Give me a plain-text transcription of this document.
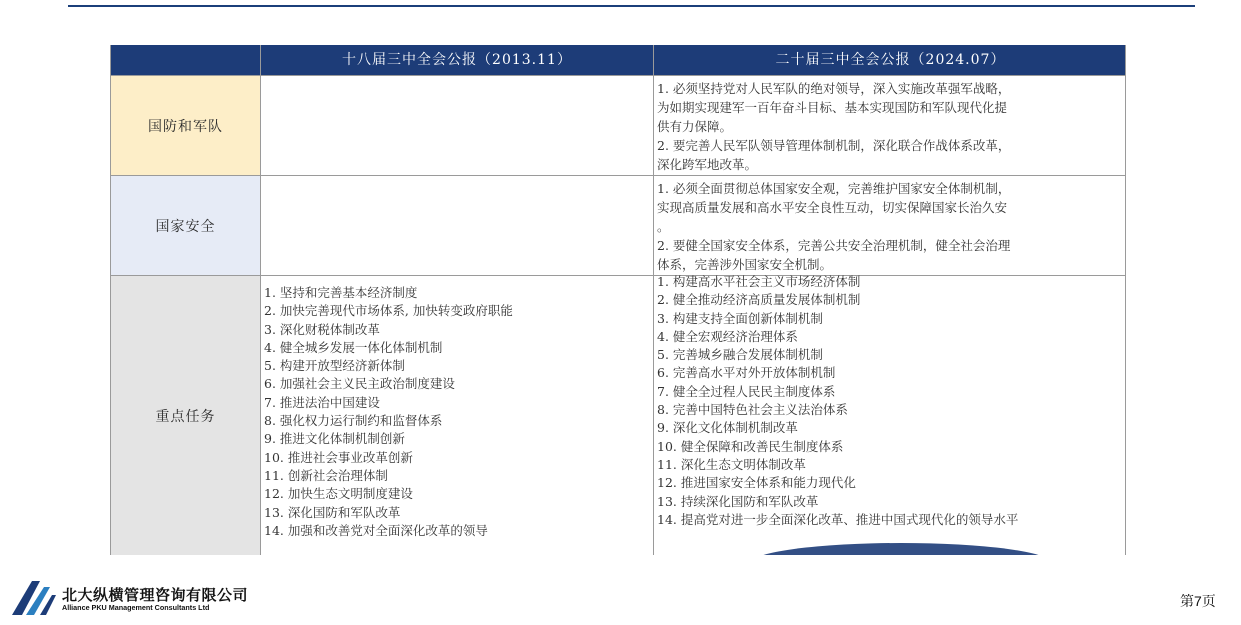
十八届三中全会公报（2013.11）	二十届三中全会公报（2024.07）
国防和军队
1. 必须坚持党对人民军队的绝对领导，深入实施改革强军战略，
为如期实现建军一百年奋斗目标、基本实现国防和军队现代化提
供有力保障。
2. 要完善人民军队领导管理体制机制，深化联合作战体系改革，
深化跨军地改革。
国家安全
1. 必须全面贯彻总体国家安全观，完善维护国家安全体制机制，
实现高质量发展和高水平安全良性互动，切实保障国家长治久安
。
2. 要健全国家安全体系，完善公共安全治理机制，健全社会治理
体系，完善涉外国家安全机制。
重点任务
1. 坚持和完善基本经济制度
2. 加快完善现代市场体系, 加快转变政府职能
3. 深化财税体制改革
4. 健全城乡发展一体化体制机制
5. 构建开放型经济新体制
6. 加强社会主义民主政治制度建设
7. 推进法治中国建设
8. 强化权力运行制约和监督体系
9. 推进文化体制机制创新
10. 推进社会事业改革创新
11. 创新社会治理体制
12. 加快生态文明制度建设
13. 深化国防和军队改革
14. 加强和改善党对全面深化改革的领导
1. 构建高水平社会主义市场经济体制
2. 健全推动经济高质量发展体制机制
3. 构建支持全面创新体制机制
4. 健全宏观经济治理体系
5. 完善城乡融合发展体制机制
6. 完善高水平对外开放体制机制
7. 健全全过程人民民主制度体系
8. 完善中国特色社会主义法治体系
9. 深化文化体制机制改革
10. 健全保障和改善民生制度体系
11. 深化生态文明体制改革
12. 推进国家安全体系和能力现代化
13. 持续深化国防和军队改革
14. 提高党对进一步全面深化改革、推进中国式现代化的领导水平
北大纵横管理咨询有限公司
Alliance PKU Management Consultants Ltd	第7页
